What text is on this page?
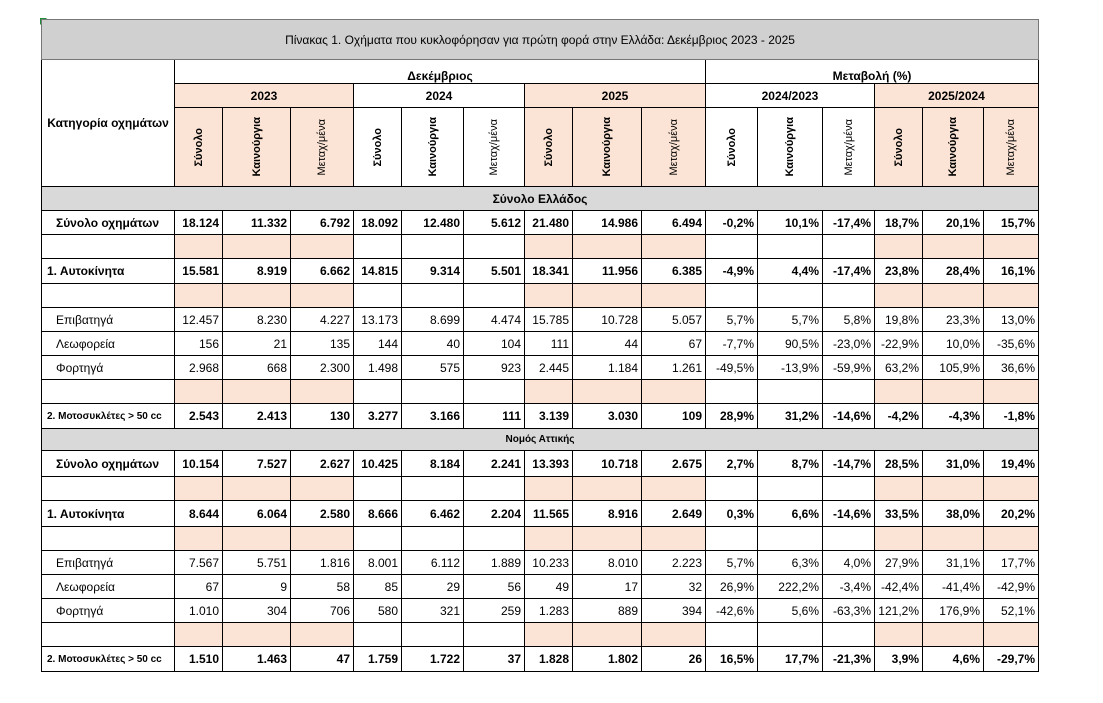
Πίνακας 1. Οχήματα που κυκλοφόρησαν για πρώτη φορά στην Ελλάδα: Δεκέμβριος 2023 - 2025															
Κατηγορία οχημάτων	Δεκέμβριος									Μεταβολή (%)					
	2023			2024			2025			2024/2023			2025/2024		

	Σύνολο	Καινούργια	Μεταχ/μένα	Σύνολο	Καινούργια	Μεταχ/μένα	Σύνολο	Καινούργια	Μεταχ/μένα	Σύνολο	Καινούργια	Μεταχ/μένα	Σύνολο	Καινούργια	Μεταχ/μένα

Σύνολο Ελλάδος															
Σύνολο οχημάτων	18.124	11.332	6.792	18.092	12.480	5.612	21.480	14.986	6.494	-0,2%	10,1%	-17,4%	18,7%	20,1%	15,7%

1. Αυτοκίνητα	15.581	8.919	6.662	14.815	9.314	5.501	18.341	11.956	6.385	-4,9%	4,4%	-17,4%	23,8%	28,4%	16,1%

Επιβατηγά	12.457	8.230	4.227	13.173	8.699	4.474	15.785	10.728	5.057	5,7%	5,7%	5,8%	19,8%	23,3%	13,0%
Λεωφορεία	156	21	135	144	40	104	111	44	67	-7,7%	90,5%	-23,0%	-22,9%	10,0%	-35,6%
Φορτηγά	2.968	668	2.300	1.498	575	923	2.445	1.184	1.261	-49,5%	-13,9%	-59,9%	63,2%	105,9%	36,6%

2. Μοτοσυκλέτες > 50 cc	2.543	2.413	130	3.277	3.166	111	3.139	3.030	109	28,9%	31,2%	-14,6%	-4,2%	-4,3%	-1,8%
Νομός Αττικής															
Σύνολο οχημάτων	10.154	7.527	2.627	10.425	8.184	2.241	13.393	10.718	2.675	2,7%	8,7%	-14,7%	28,5%	31,0%	19,4%

1. Αυτοκίνητα	8.644	6.064	2.580	8.666	6.462	2.204	11.565	8.916	2.649	0,3%	6,6%	-14,6%	33,5%	38,0%	20,2%

Επιβατηγά	7.567	5.751	1.816	8.001	6.112	1.889	10.233	8.010	2.223	5,7%	6,3%	4,0%	27,9%	31,1%	17,7%
Λεωφορεία	67	9	58	85	29	56	49	17	32	26,9%	222,2%	-3,4%	-42,4%	-41,4%	-42,9%
Φορτηγά	1.010	304	706	580	321	259	1.283	889	394	-42,6%	5,6%	-63,3%	121,2%	176,9%	52,1%

2. Μοτοσυκλέτες > 50 cc	1.510	1.463	47	1.759	1.722	37	1.828	1.802	26	16,5%	17,7%	-21,3%	3,9%	4,6%	-29,7%
